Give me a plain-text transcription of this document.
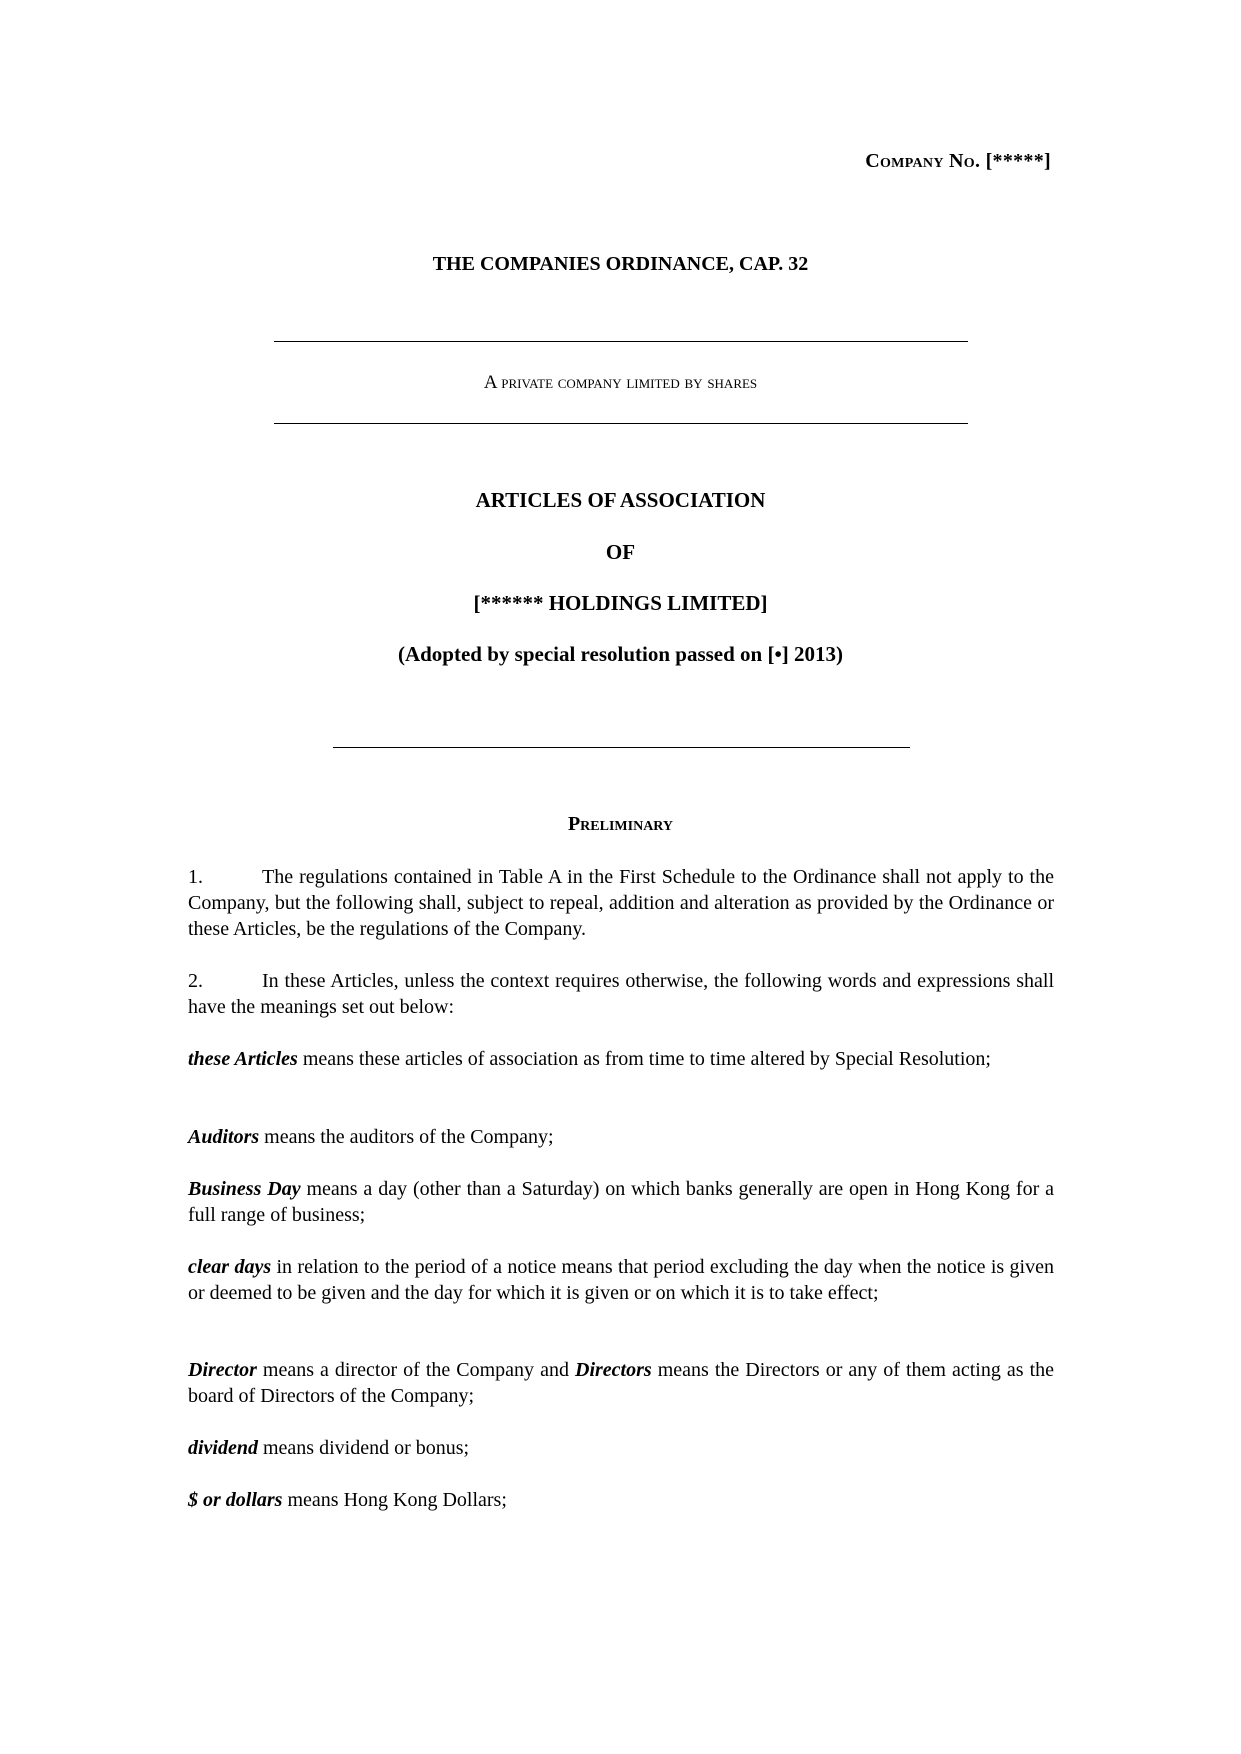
Company No. [*****]
THE COMPANIES ORDINANCE, CAP. 32
A private company limited by shares
ARTICLES OF ASSOCIATION
OF
[****** HOLDINGS LIMITED]
(Adopted by special resolution passed on [•] 2013)
Preliminary
1.	The regulations contained in Table A in the First Schedule to the Ordinance shall not apply to the Company, but the following shall, subject to repeal, addition and alteration as provided by the Ordinance or these Articles, be the regulations of the Company.
2.	In these Articles, unless the context requires otherwise, the following words and expressions shall have the meanings set out below:
these Articles means these articles of association as from time to time altered by Special Resolution;
Auditors means the auditors of the Company;
Business Day means a day (other than a Saturday) on which banks generally are open in Hong Kong for a full range of business;
clear days in relation to the period of a notice means that period excluding the day when the notice is given or deemed to be given and the day for which it is given or on which it is to take effect;
Director means a director of the Company and Directors means the Directors or any of them acting as the board of Directors of the Company;
dividend means dividend or bonus;
$ or dollars means Hong Kong Dollars;
